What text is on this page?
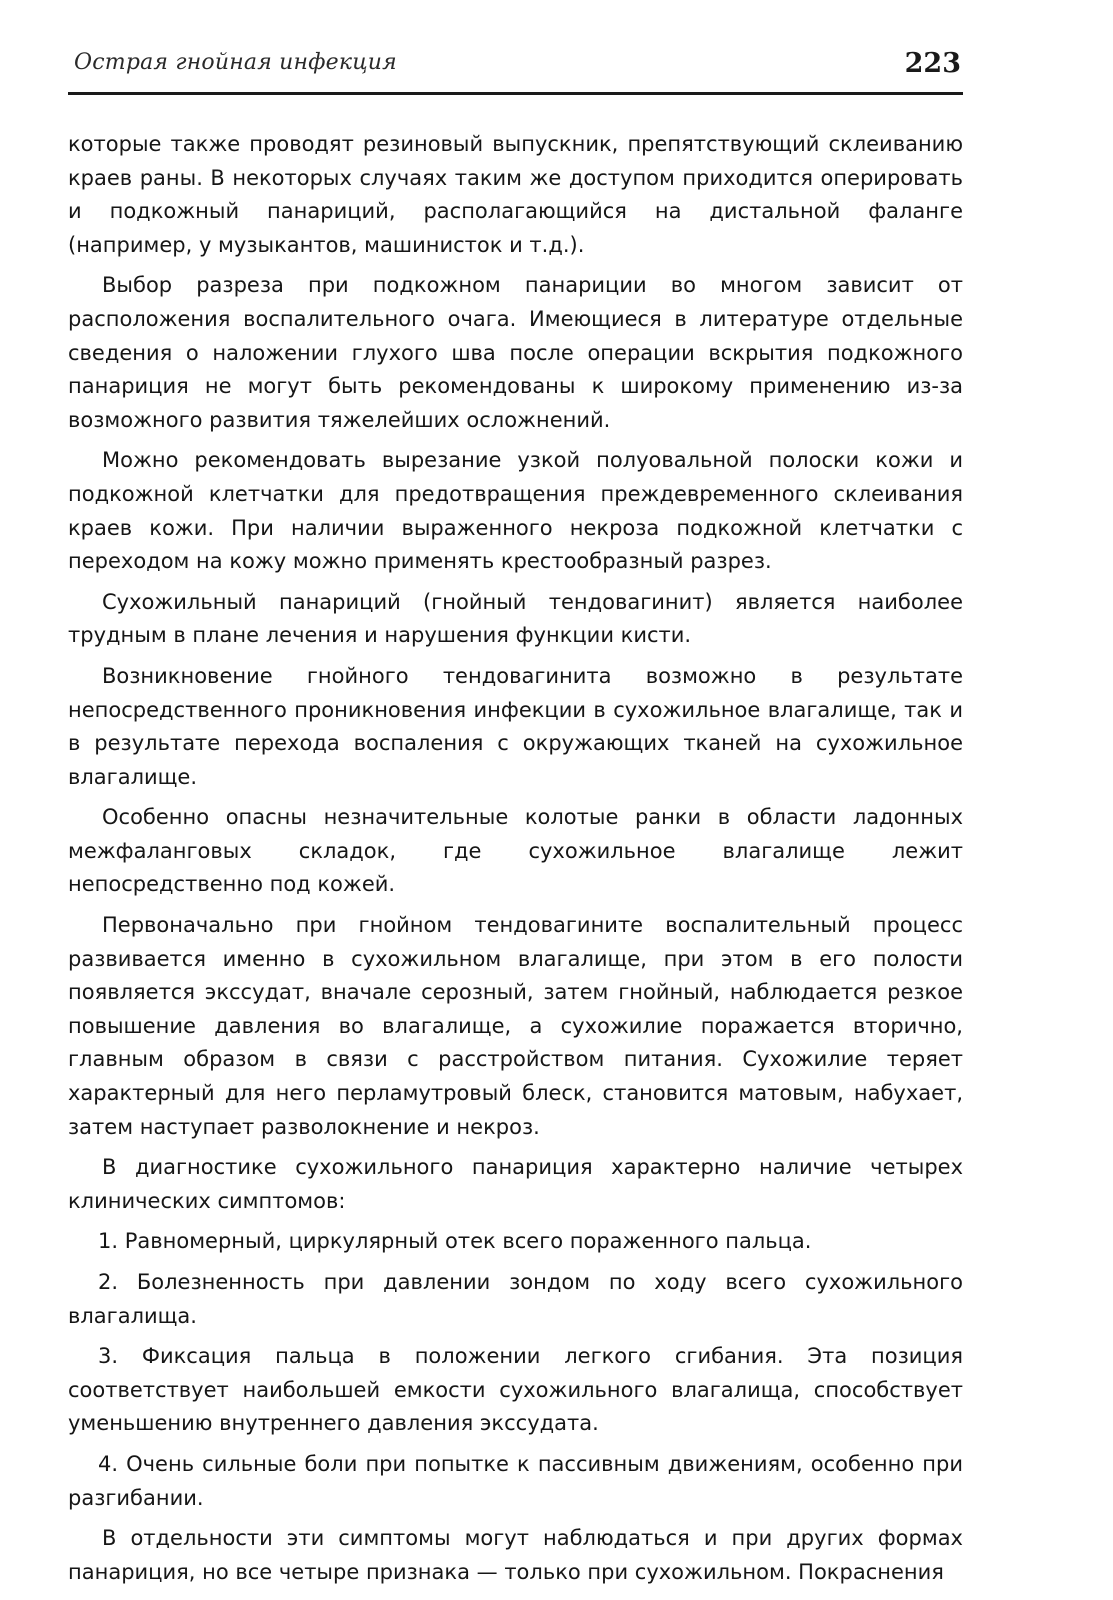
Острая гнойная инфекция	223

которые также проводят резиновый выпускник, препятствующий склеиванию краев раны. В некоторых случаях таким же доступом приходится оперировать и подкожный панариций, располагающийся на дистальной фаланге (например, у музыкантов, машинисток и т.д.).

Выбор разреза при подкожном панариции во многом зависит от расположения воспалительного очага. Имеющиеся в литературе отдельные сведения о наложении глухого шва после операции вскрытия подкожного панариция не могут быть рекомендованы к широкому применению из-за возможного развития тяжелейших осложнений.

Можно рекомендовать вырезание узкой полуовальной полоски кожи и подкожной клетчатки для предотвращения преждевременного склеивания краев кожи. При наличии выраженного некроза подкожной клетчатки с переходом на кожу можно применять крестообразный разрез.

Сухожильный панариций (гнойный тендовагинит) является наиболее трудным в плане лечения и нарушения функции кисти.

Возникновение гнойного тендовагинита возможно в результате непосредственного проникновения инфекции в сухожильное влагалище, так и в результате перехода воспаления с окружающих тканей на сухожильное влагалище.

Особенно опасны незначительные колотые ранки в области ладонных межфаланговых складок, где сухожильное влагалище лежит непосредственно под кожей.

Первоначально при гнойном тендовагините воспалительный процесс развивается именно в сухожильном влагалище, при этом в его полости появляется экссудат, вначале серозный, затем гнойный, наблюдается резкое повышение давления во влагалище, а сухожилие поражается вторично, главным образом в связи с расстройством питания. Сухожилие теряет характерный для него перламутровый блеск, становится матовым, набухает, затем наступает разволокнение и некроз.

В диагностике сухожильного панариция характерно наличие четырех клинических симптомов:

1. Равномерный, циркулярный отек всего пораженного пальца.

2. Болезненность при давлении зондом по ходу всего сухожильного влагалища.

3. Фиксация пальца в положении легкого сгибания. Эта позиция соответствует наибольшей емкости сухожильного влагалища, способствует уменьшению внутреннего давления экссудата.

4. Очень сильные боли при попытке к пассивным движениям, особенно при разгибании.

В отдельности эти симптомы могут наблюдаться и при других формах панариция, но все четыре признака — только при сухожильном. Покраснения
